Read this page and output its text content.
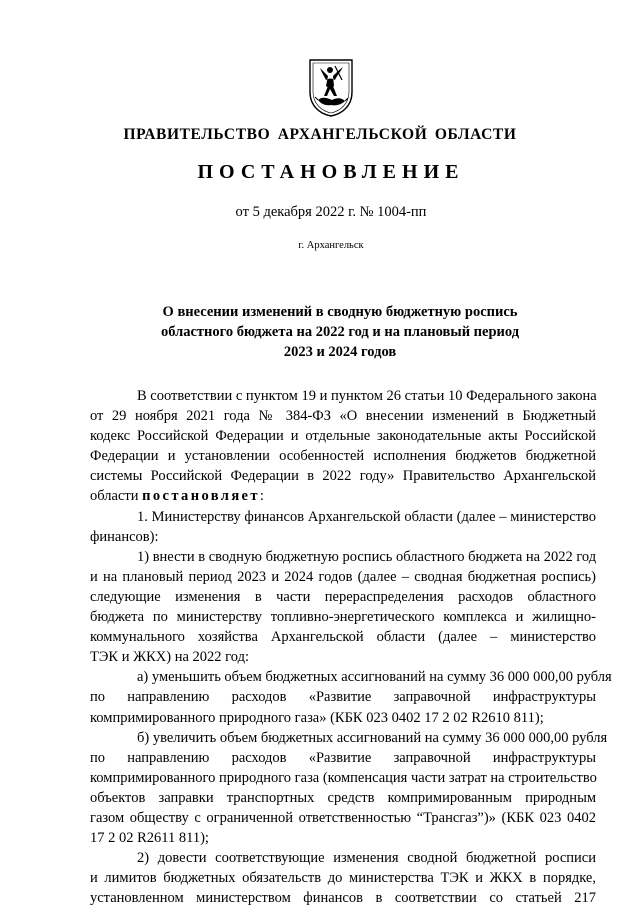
ПРАВИТЕЛЬСТВО АРХАНГЕЛЬСКОЙ ОБЛАСТИ
ПОСТАНОВЛЕНИЕ
от 5 декабря 2022 г. № 1004-пп
г. Архангельск
О внесении изменений в сводную бюджетную роспись
областного бюджета на 2022 год и на плановый период
2023 и 2024 годов
В соответствии с пунктом 19 и пунктом 26 статьи 10 Федерального закона
от 29 ноября 2021 года № 384-ФЗ «О внесении изменений в Бюджетный
кодекс Российской Федерации и отдельные законодательные акты Российской
Федерации и установлении особенностей исполнения бюджетов бюджетной
системы Российской Федерации в 2022 году» Правительство Архангельской
области постановляет:
1. Министерству финансов Архангельской области (далее – министерство
финансов):
1) внести в сводную бюджетную роспись областного бюджета на 2022 год
и на плановый период 2023 и 2024 годов (далее – сводная бюджетная роспись)
следующие изменения в части перераспределения расходов областного
бюджета по министерству топливно-энергетического комплекса и жилищно-
коммунального хозяйства Архангельской области (далее – министерство
ТЭК и ЖКХ) на 2022 год:
а) уменьшить объем бюджетных ассигнований на сумму 36 000 000,00 рубля
по направлению расходов «Развитие заправочной инфраструктуры
компримированного природного газа» (КБК 023 0402 17 2 02 R2610 811);
б) увеличить объем бюджетных ассигнований на сумму 36 000 000,00 рубля
по направлению расходов «Развитие заправочной инфраструктуры
компримированного природного газа (компенсация части затрат на строительство
объектов заправки транспортных средств компримированным природным
газом обществу с ограниченной ответственностью “Трансгаз”)» (КБК 023 0402
17 2 02 R2611 811);
2) довести соответствующие изменения сводной бюджетной росписи
и лимитов бюджетных обязательств до министерства ТЭК и ЖКХ в порядке,
установленном министерством финансов в соответствии со статьей 217
